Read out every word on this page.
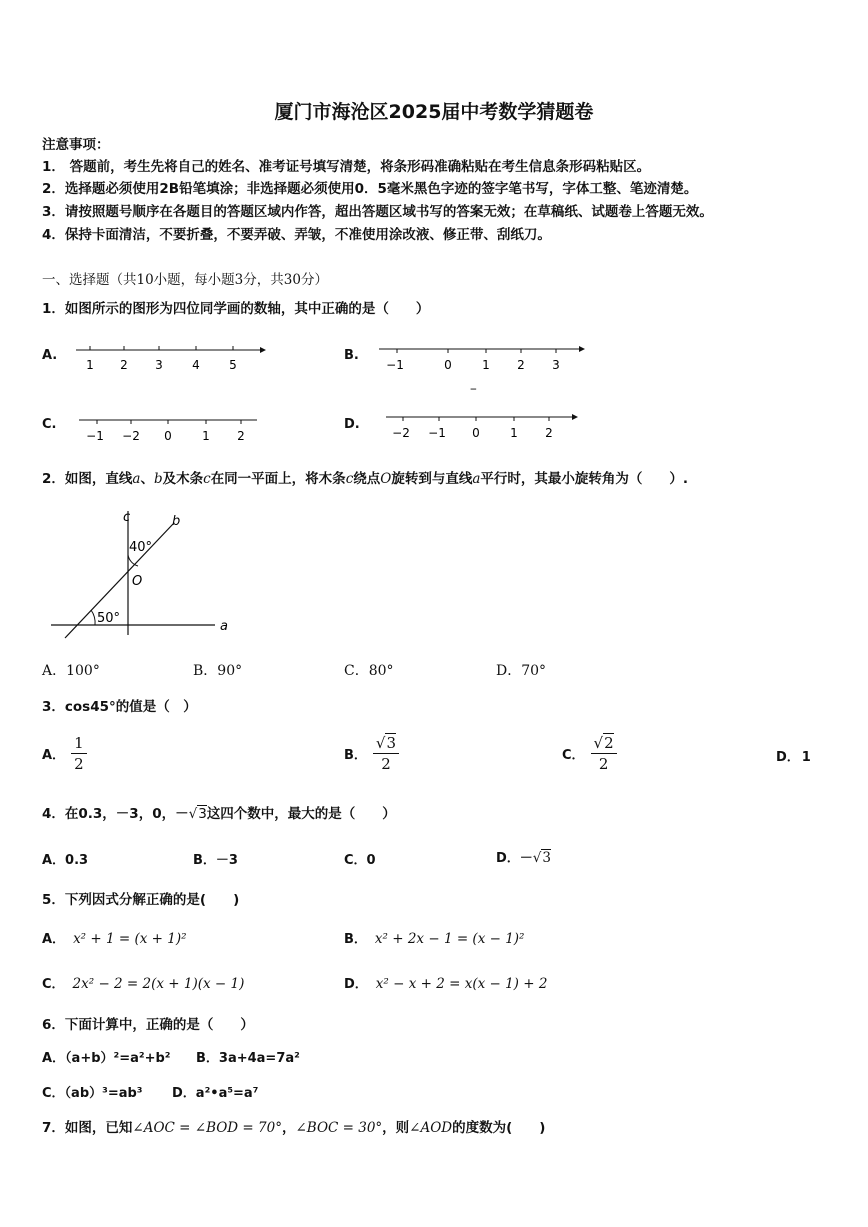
厦门市海沧区2025届中考数学猜题卷
注意事项：
1． 答题前，考生先将自己的姓名、准考证号填写清楚，将条形码准确粘贴在考生信息条形码粘贴区。
2．选择题必须使用2B铅笔填涂；非选择题必须使用0．5毫米黑色字迹的签字笔书写，字体工整、笔迹清楚。
3．请按照题号顺序在各题目的答题区域内作答，超出答题区域书写的答案无效；在草稿纸、试题卷上答题无效。
4．保持卡面清洁，不要折叠，不要弄破、弄皱，不准使用涂改液、修正带、刮纸刀。
一、选择题（共10小题，每小题3分，共30分）
1．如图所示的图形为四位同学画的数轴，其中正确的是（　　）
A.
1 2 3 4 5
B.
−1	0	1 2 3
–
C.
−1 −2 0	1 2
D.
−2 −1 0	1 2
2．如图，直线a、b及木条c在同一平面上，将木条c绕点O旋转到与直线a平行时，其最小旋转角为（　　）.
c	b
40°
O
50°
a
A．100°	B．90°	C．80°	D．70°
3．cos45°的值是（　）
A． $\frac{1}{2}$	B． $\frac{√3}{2}$	C． $\frac{√2}{2}$	D． 1
4．在0.3，－3，0，－√3这四个数中，最大的是（　　）
A．0.3	B．－3	C．0	D．－√3
5．下列因式分解正确的是(　　)
A． x² + 1 = (x + 1)²	B． x² + 2x − 1 = (x − 1)²
C． 2x² − 2 = 2(x + 1)(x − 1)	D． x² − x + 2 = x(x − 1) + 2
6．下面计算中，正确的是（　　）
A．（a+b）²=a²+b² B．3a+4a=7a²
C．（ab）³=ab³ D．a²•a⁵=a⁷
7．如图，已知∠AOC = ∠BOD = 70°，∠BOC = 30°，则∠AOD的度数为(　　)
